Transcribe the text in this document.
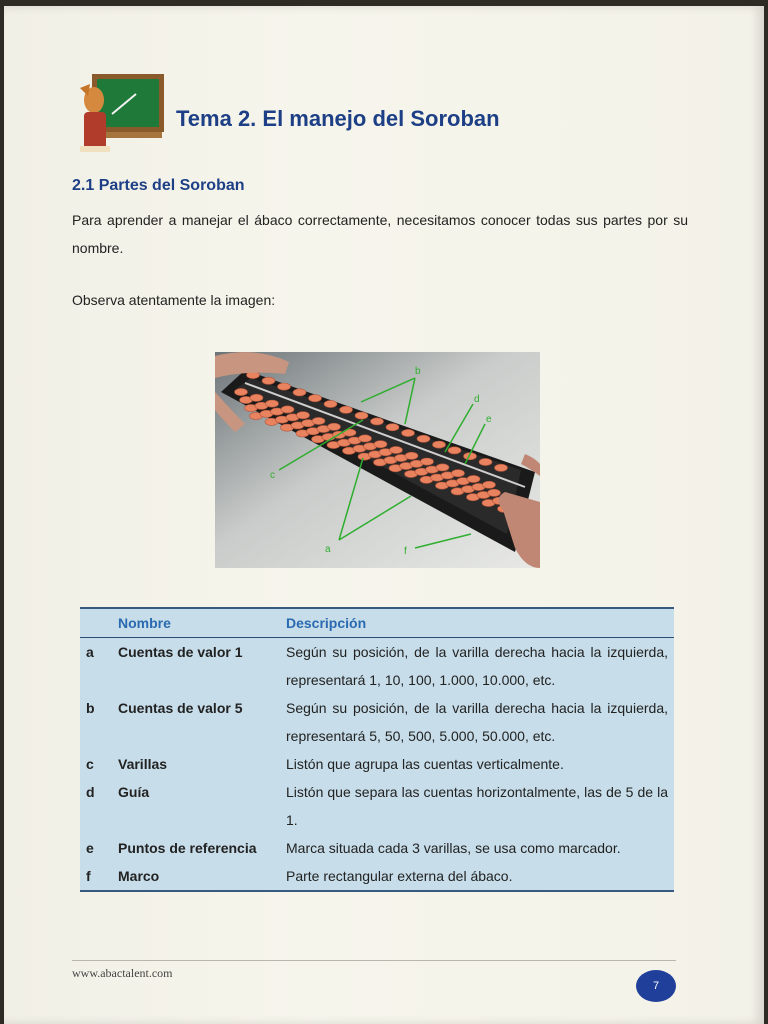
Tema 2. El manejo del Soroban
2.1 Partes del Soroban

Para aprender a manejar el ábaco correctamente, necesitamos conocer todas sus partes por su nombre.

Observa atentamente la imagen:

a
b
c
d
e
f
	Nombre	Descripción
a	Cuentas de valor 1	Según su posición, de la varilla derecha hacia la izquierda, representará 1, 10, 100, 1.000, 10.000, etc.
b	Cuentas de valor 5	Según su posición, de la varilla derecha hacia la izquierda, representará 5, 50, 500, 5.000, 50.000, etc.
c	Varillas	Listón que agrupa las cuentas verticalmente.
d	Guía	Listón que separa las cuentas horizontalmente, las de 5 de la 1.
e	Puntos de referencia	Marca situada cada 3 varillas, se usa como marcador.
f	Marco	Parte rectangular externa del ábaco.
www.abactalent.com
7
